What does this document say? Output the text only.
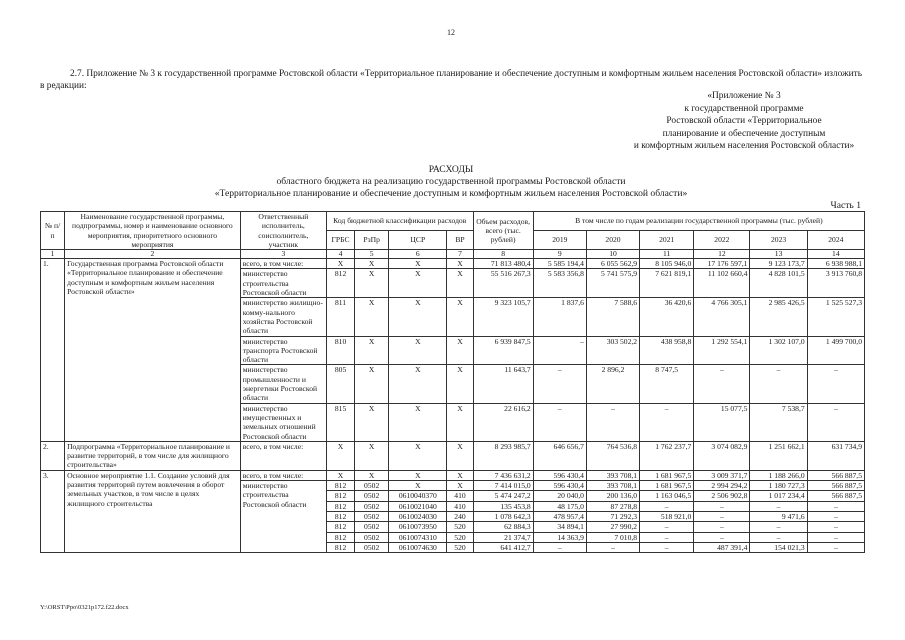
12
2.7. Приложение № 3 к государственной программе Ростовской области «Территориальное планирование и обеспечение доступным и комфортным жильем населения Ростовской области» изложить в редакции:
«Приложение № 3
к государственной программе
Ростовской области «Территориальное
планирование и обеспечение доступным
и комфортным жильем населения Ростовской области»
РАСХОДЫ
областного бюджета на реализацию государственной программы Ростовской области
«Территориальное планирование и обеспечение доступным и комфортным жильем населения Ростовской области»
Часть 1
№ п/п	Наименование государственной программы, подпрограммы, номер и наименование основного мероприятия, приоритетного основного мероприятия	Ответственный исполнитель, соисполнитель, участник	Код бюджетной классификации расходов				Объем расходов, всего (тыс. рублей)	В том числе по годам реализации государственной программы (тыс. рублей)					
			ГРБС	РзПр	ЦСР	ВР		2019	2020	2021	2022	2023	2024
1	2	3	4	5	6	7	8	9	10	11	12	13	14
1.	Государственная программа Ростовской области «Территориальное планирование и обеспечение доступным и комфортным жильем населения Ростовской области»	всего, в том числе:	X	X	X	X	71 813 480,4	5 585 194,4	6 055 562,9	8 105 946,0	17 176 597,1	9 123 173,7	6 938 988,1
		министерство строительства Ростовской области	812	X	X	X	55 516 267,3	5 583 356,8	5 741 575,9	7 621 819,1	11 102 660,4	4 828 101,5	3 913 760,8
		министерство жилищно-комму-нального хозяйства Ростовской области	811	X	X	X	9 323 105,7	1 837,6	7 588,6	36 420,6	4 766 305,1	2 985 426,5	1 525 527,3
		министерство транспорта Ростовской области	810	X	X	X	6 939 847,5	–	303 502,2	438 958,8	1 292 554,1	1 302 107,0	1 499 700,0
		министерство промышленности и энергетики Ростовской области	805	X	X	X	11 643,7	–	2 896,2	8 747,5	–	–	–
		министерство имущественных и земельных отношений Ростовской области	815	X	X	X	22 616,2	–	–	–	15 077,5	7 538,7	–
2.	Подпрограмма «Территориальное планирование и развитие территорий, в том числе для жилищного строительства»	всего, в том числе:	X	X	X	X	8 293 985,7	646 656,7	764 536,8	1 762 237,7	3 074 082,9	1 251 662,1	631 734,9
3.	Основное мероприятие 1.1. Создание условий для развития территорий путем вовлечения в оборот земельных участков, в том числе в целях жилищного строительства	всего, в том числе:	X	X	X	X	7 436 631,2	596 430,4	393 708,1	1 681 967,5	3 009 371,7	1 188 266,0	566 887,5
		министерство строительства Ростовской области	812	0502	X	X	7 414 015,0	596 430,4	393 708,1	1 681 967,5	2 994 294,2	1 180 727,3	566 887,5
			812	0502	0610040370	410	5 474 247,2	20 040,0	200 136,0	1 163 046,5	2 506 902,8	1 017 234,4	566 887,5
			812	0502	0610021040	410	135 453,8	48 175,0	87 278,8	–	–	–	–
			812	0502	0610024030	240	1 078 642,3	478 957,4	71 292,3	518 921,0	–	9 471,6	–
			812	0502	0610073950	520	62 884,3	34 894,1	27 990,2	–	–	–	–
			812	0502	0610074310	520	21 374,7	14 363,9	7 010,8	–	–	–	–
			812	0502	0610074630	520	641 412,7	–	–	–	487 391,4	154 021,3	–
Y:\ORST\Ppo\0321p172.f22.docx
